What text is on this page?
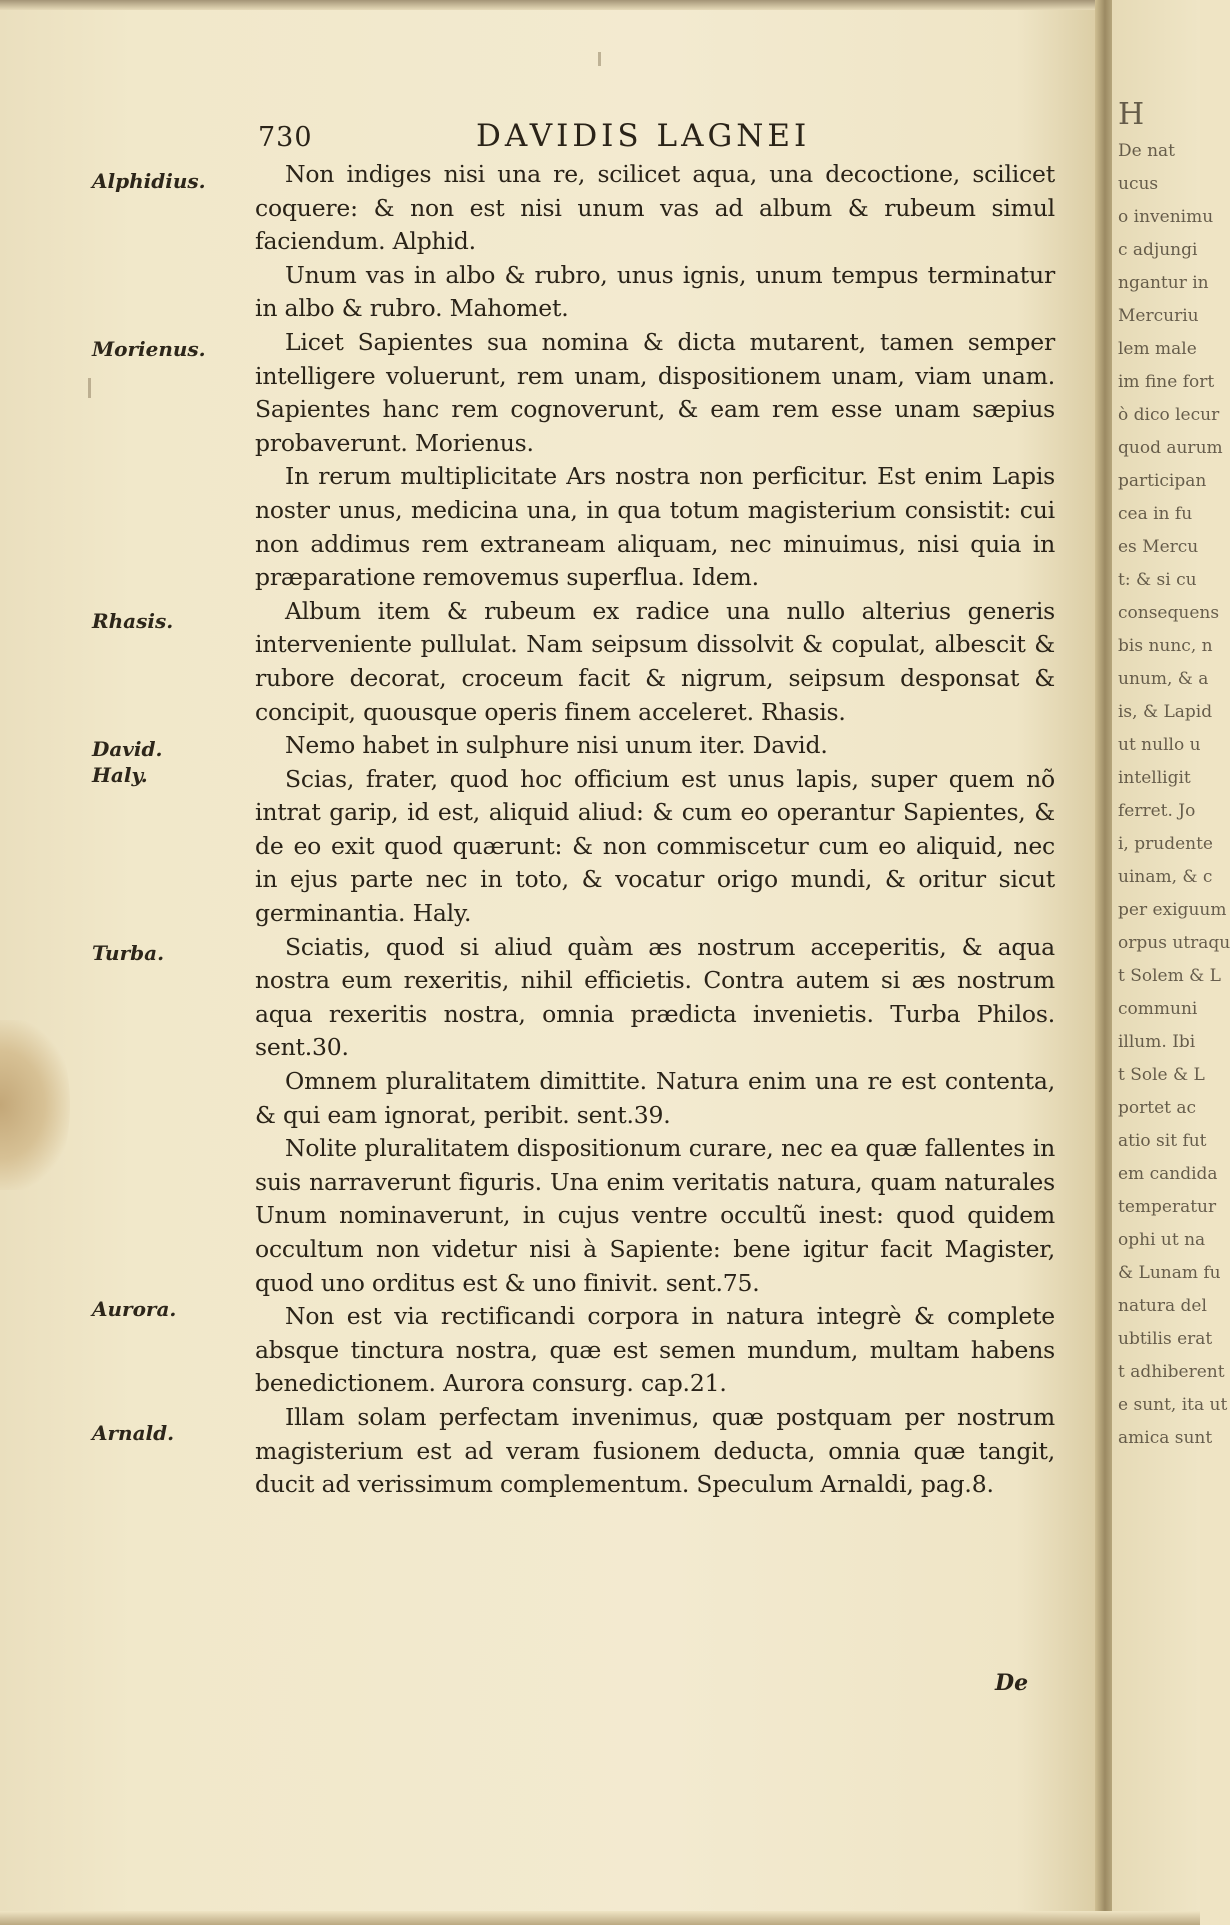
H
De nat
ucus
o invenimu
c adjungi
ngantur in
Mercuriu
lem male
im fine fort
ò dico lecur
quod aurum
participan
cea in fu
es Mercu
t: & si cu
consequens
bis nunc, n
unum, & a
is, & Lapid
ut nullo u
intelligit
ferret. Jo
i, prudente
uinam, & c
per exiguum
orpus utraqu
t Solem & L
communi
illum. Ibi
t Sole & L
portet ac
atio sit fut
em candida
temperatur
ophi ut na
& Lunam fu
natura del
ubtilis erat
t adhiberent
e sunt, ita ut
amica sunt
730	DAVIDIS LAGNEI
Alphidius.
Morienus.
Rhasis.
David.
Haly.
Turba.
Aurora.
Arnald.

Non indiges nisi una re, scilicet aqua, una decoctione, scilicet coquere: & non est nisi unum vas ad album & rubeum simul faciendum. Alphid.

Unum vas in albo & rubro, unus ignis, unum tempus terminatur in albo & rubro. Mahomet.

Licet Sapientes sua nomina & dicta mutarent, tamen semper intelligere voluerunt, rem unam, dispositionem unam, viam unam. Sapientes hanc rem cognoverunt, & eam rem esse unam sæpius probaverunt. Morienus.

In rerum multiplicitate Ars nostra non perficitur. Est enim Lapis noster unus, medicina una, in qua totum magisterium consistit: cui non addimus rem extraneam aliquam, nec minuimus, nisi quia in præparatione removemus superflua. Idem.

Album item & rubeum ex radice una nullo alterius generis interveniente pullulat. Nam seipsum dissolvit & copulat, albescit & rubore decorat, croceum facit & nigrum, seipsum desponsat & concipit, quousque operis finem acceleret. Rhasis.

Nemo habet in sulphure nisi unum iter. David.

Scias, frater, quod hoc officium est unus lapis, super quem nõ intrat garip, id est, aliquid aliud: & cum eo operantur Sapientes, & de eo exit quod quærunt: & non commiscetur cum eo aliquid, nec in ejus parte nec in toto, & vocatur origo mundi, & oritur sicut germinantia. Haly.

Sciatis, quod si aliud quàm æs nostrum acceperitis, & aqua nostra eum rexeritis, nihil efficietis. Contra autem si æs nostrum aqua rexeritis nostra, omnia prædicta invenietis. Turba Philos. sent.30.

Omnem pluralitatem dimittite. Natura enim una re est contenta, & qui eam ignorat, peribit. sent.39.

Nolite pluralitatem dispositionum curare, nec ea quæ fallentes in suis narraverunt figuris. Una enim veritatis natura, quam naturales Unum nominaverunt, in cujus ventre occultũ inest: quod quidem occultum non videtur nisi à Sapiente: bene igitur facit Magister, quod uno orditus est & uno finivit. sent.75.

Non est via rectificandi corpora in natura integrè & complete absque tinctura nostra, quæ est semen mundum, multam habens benedictionem. Aurora consurg. cap.21.

Illam solam perfectam invenimus, quæ postquam per nostrum magisterium est ad veram fusionem deducta, omnia quæ tangit, ducit ad verissimum complementum. Speculum Arnaldi, pag.8.

De
